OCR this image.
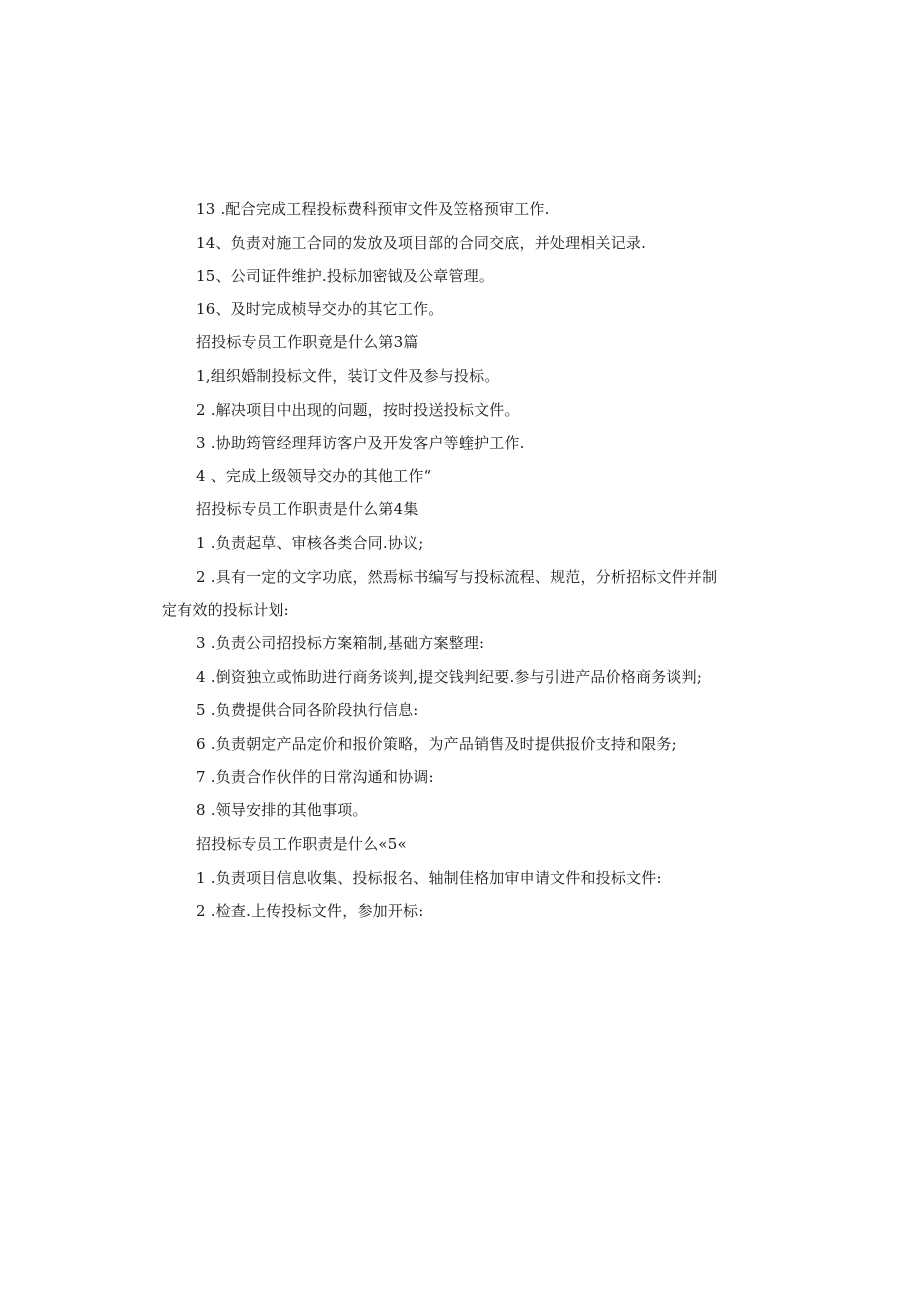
13 .配合完成工程投标费科预审文件及笠格预审工作.
14、负责对施工合同的发放及项目部的合同交底，并处理相关记录.
15、公司证件维护.投标加密钺及公章管理。
16、及时完成桢导交办的其它工作。
招投标专员工作职竟是什么第3篇
1,组织婚制投标文件，装订文件及参与投标。
2 .解决项目中出现的问题，按时投送投标文件。
3 .协助筠管经理拜访客户及开发客户等蝰护工作.
4 、完成上级领导交办的其他工作“
招投标专员工作职责是什么第4集
1 .负责起草、审核各类合同.协议;
2 .具有一定的文字功底，然焉标书编写与投标流程、规范，分析招标文件并制
定有效的投标计划:
3 .负责公司招投标方案箱制,基础方案整理:
4 .倒资独立或怖助进行商务谈判,提交钱判纪要.参与引进产品价格商务谈判;
5 .负费提供合同各阶段执行信息:
6 .负责朝定产品定价和报价策略，为产品销售及时提供报价支持和限务;
7 .负责合作伙伴的日常沟通和协调:
8 .领导安排的其他事项。
招投标专员工作职责是什么«5«
1 .负责项目信息收集、投标报名、轴制佳格加审申请文件和投标文件:
2 .检查.上传投标文件，参加开标:
